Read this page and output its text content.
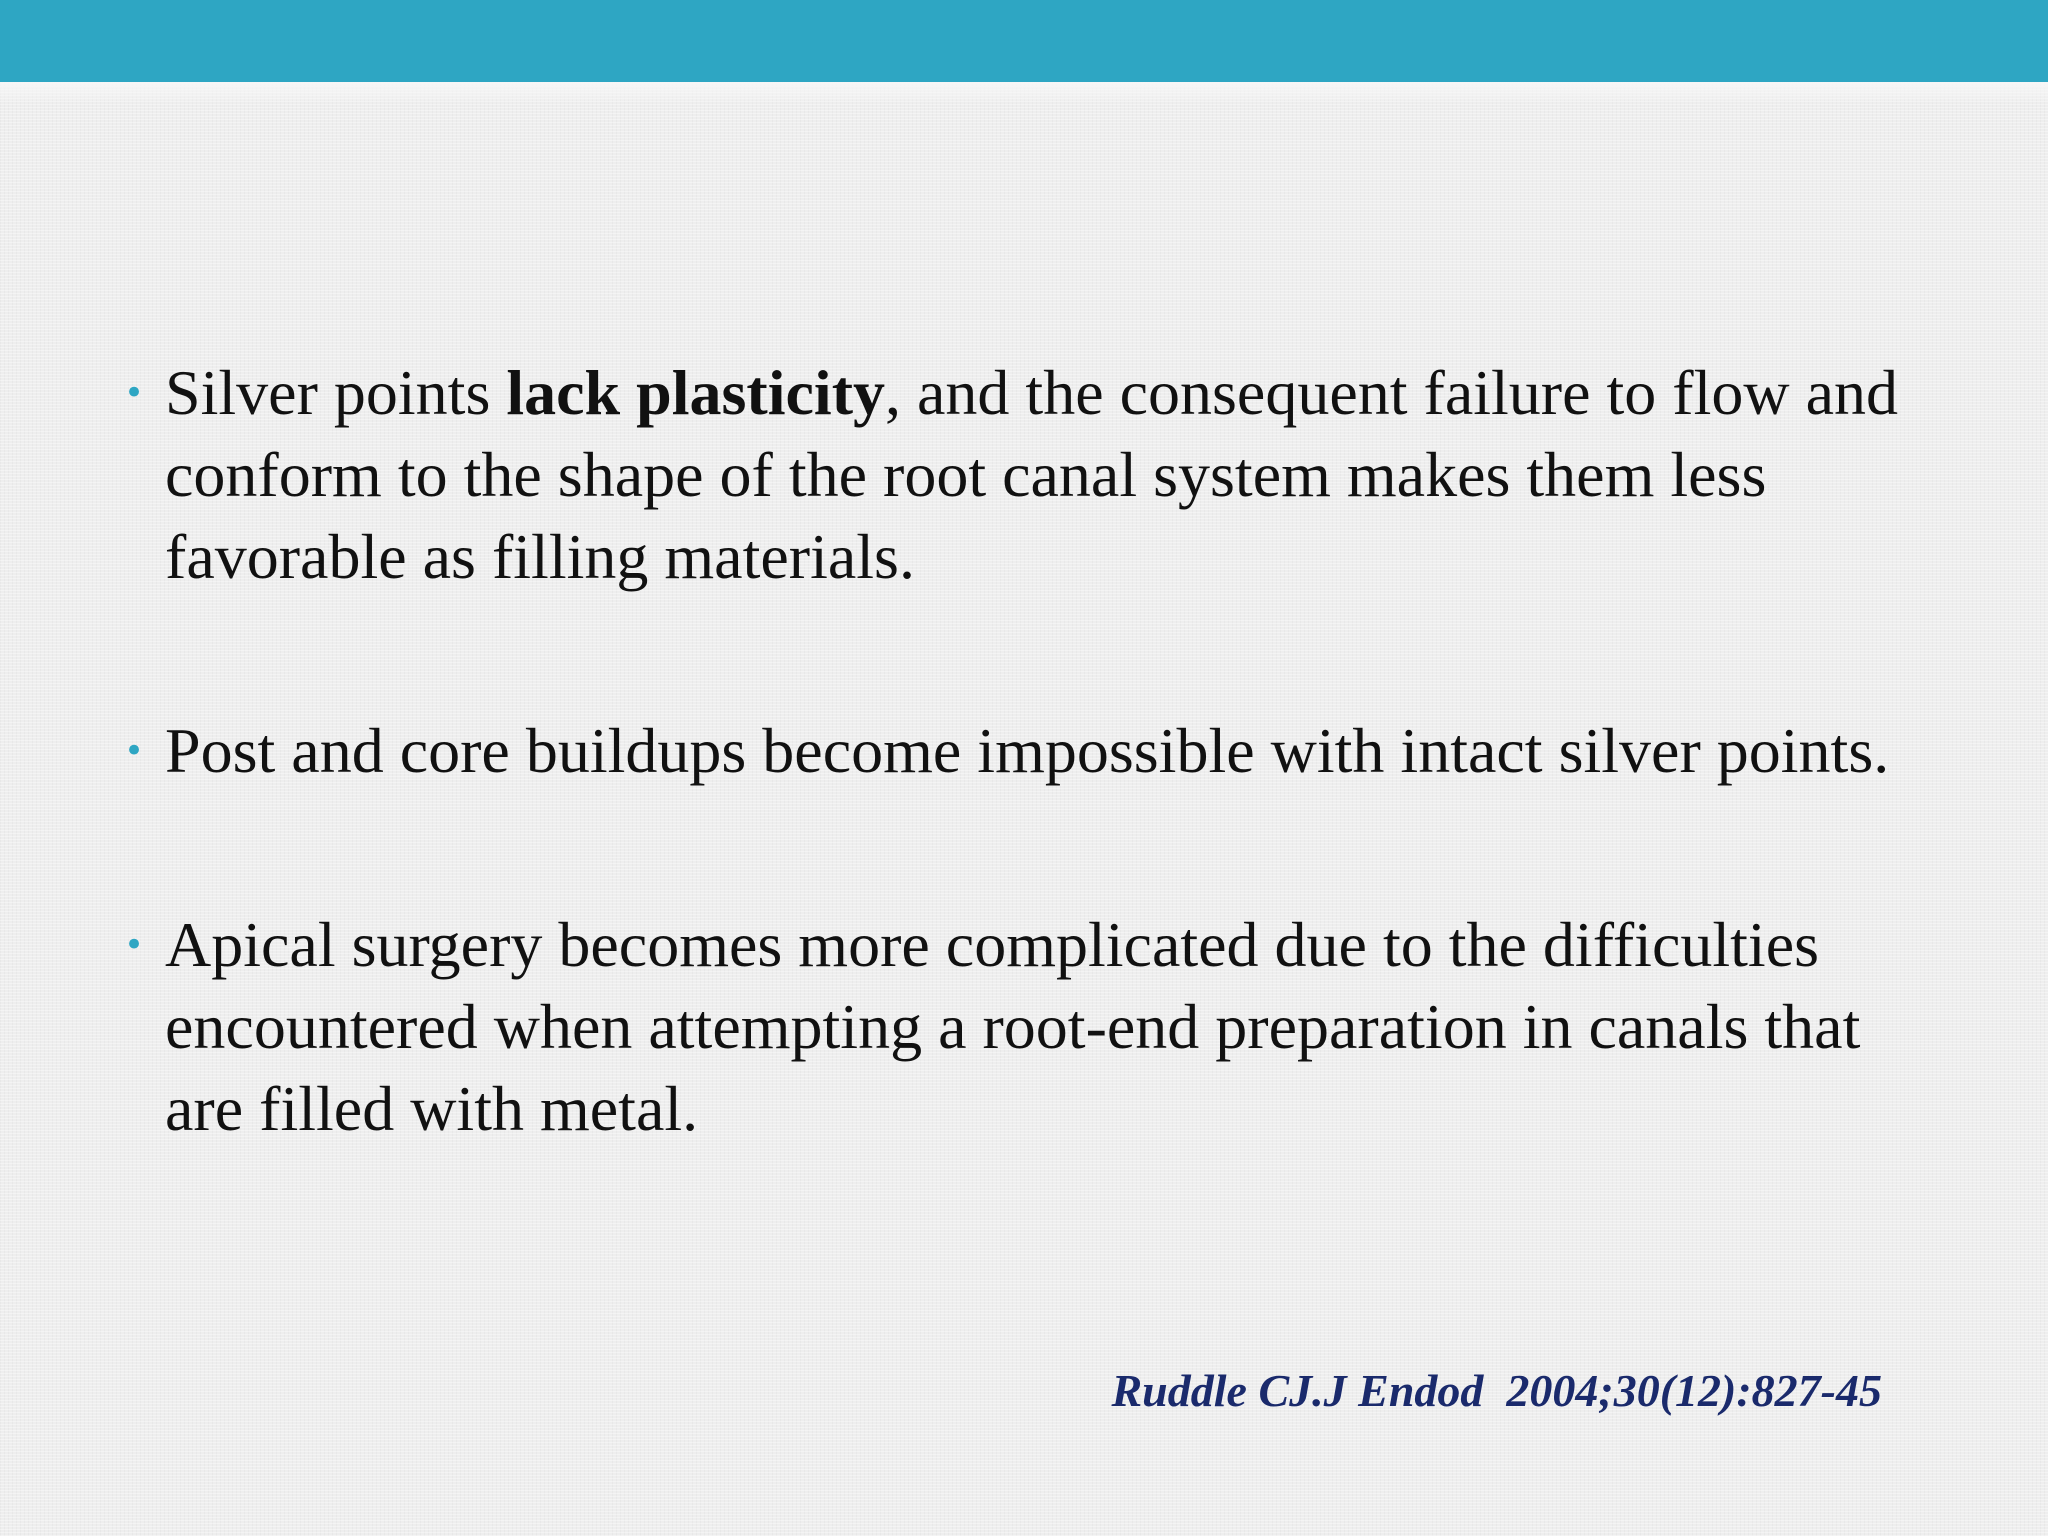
• Silver points lack plasticity, and the consequent failure to flow and conform to the shape of the root canal system makes them less favorable as filling materials.
• Post and core buildups become impossible with intact silver points.
• Apical surgery becomes more complicated due to the difficulties encountered when attempting a root-end preparation in canals that are filled with metal.
Ruddle CJ.J Endod  2004;30(12):827-45
